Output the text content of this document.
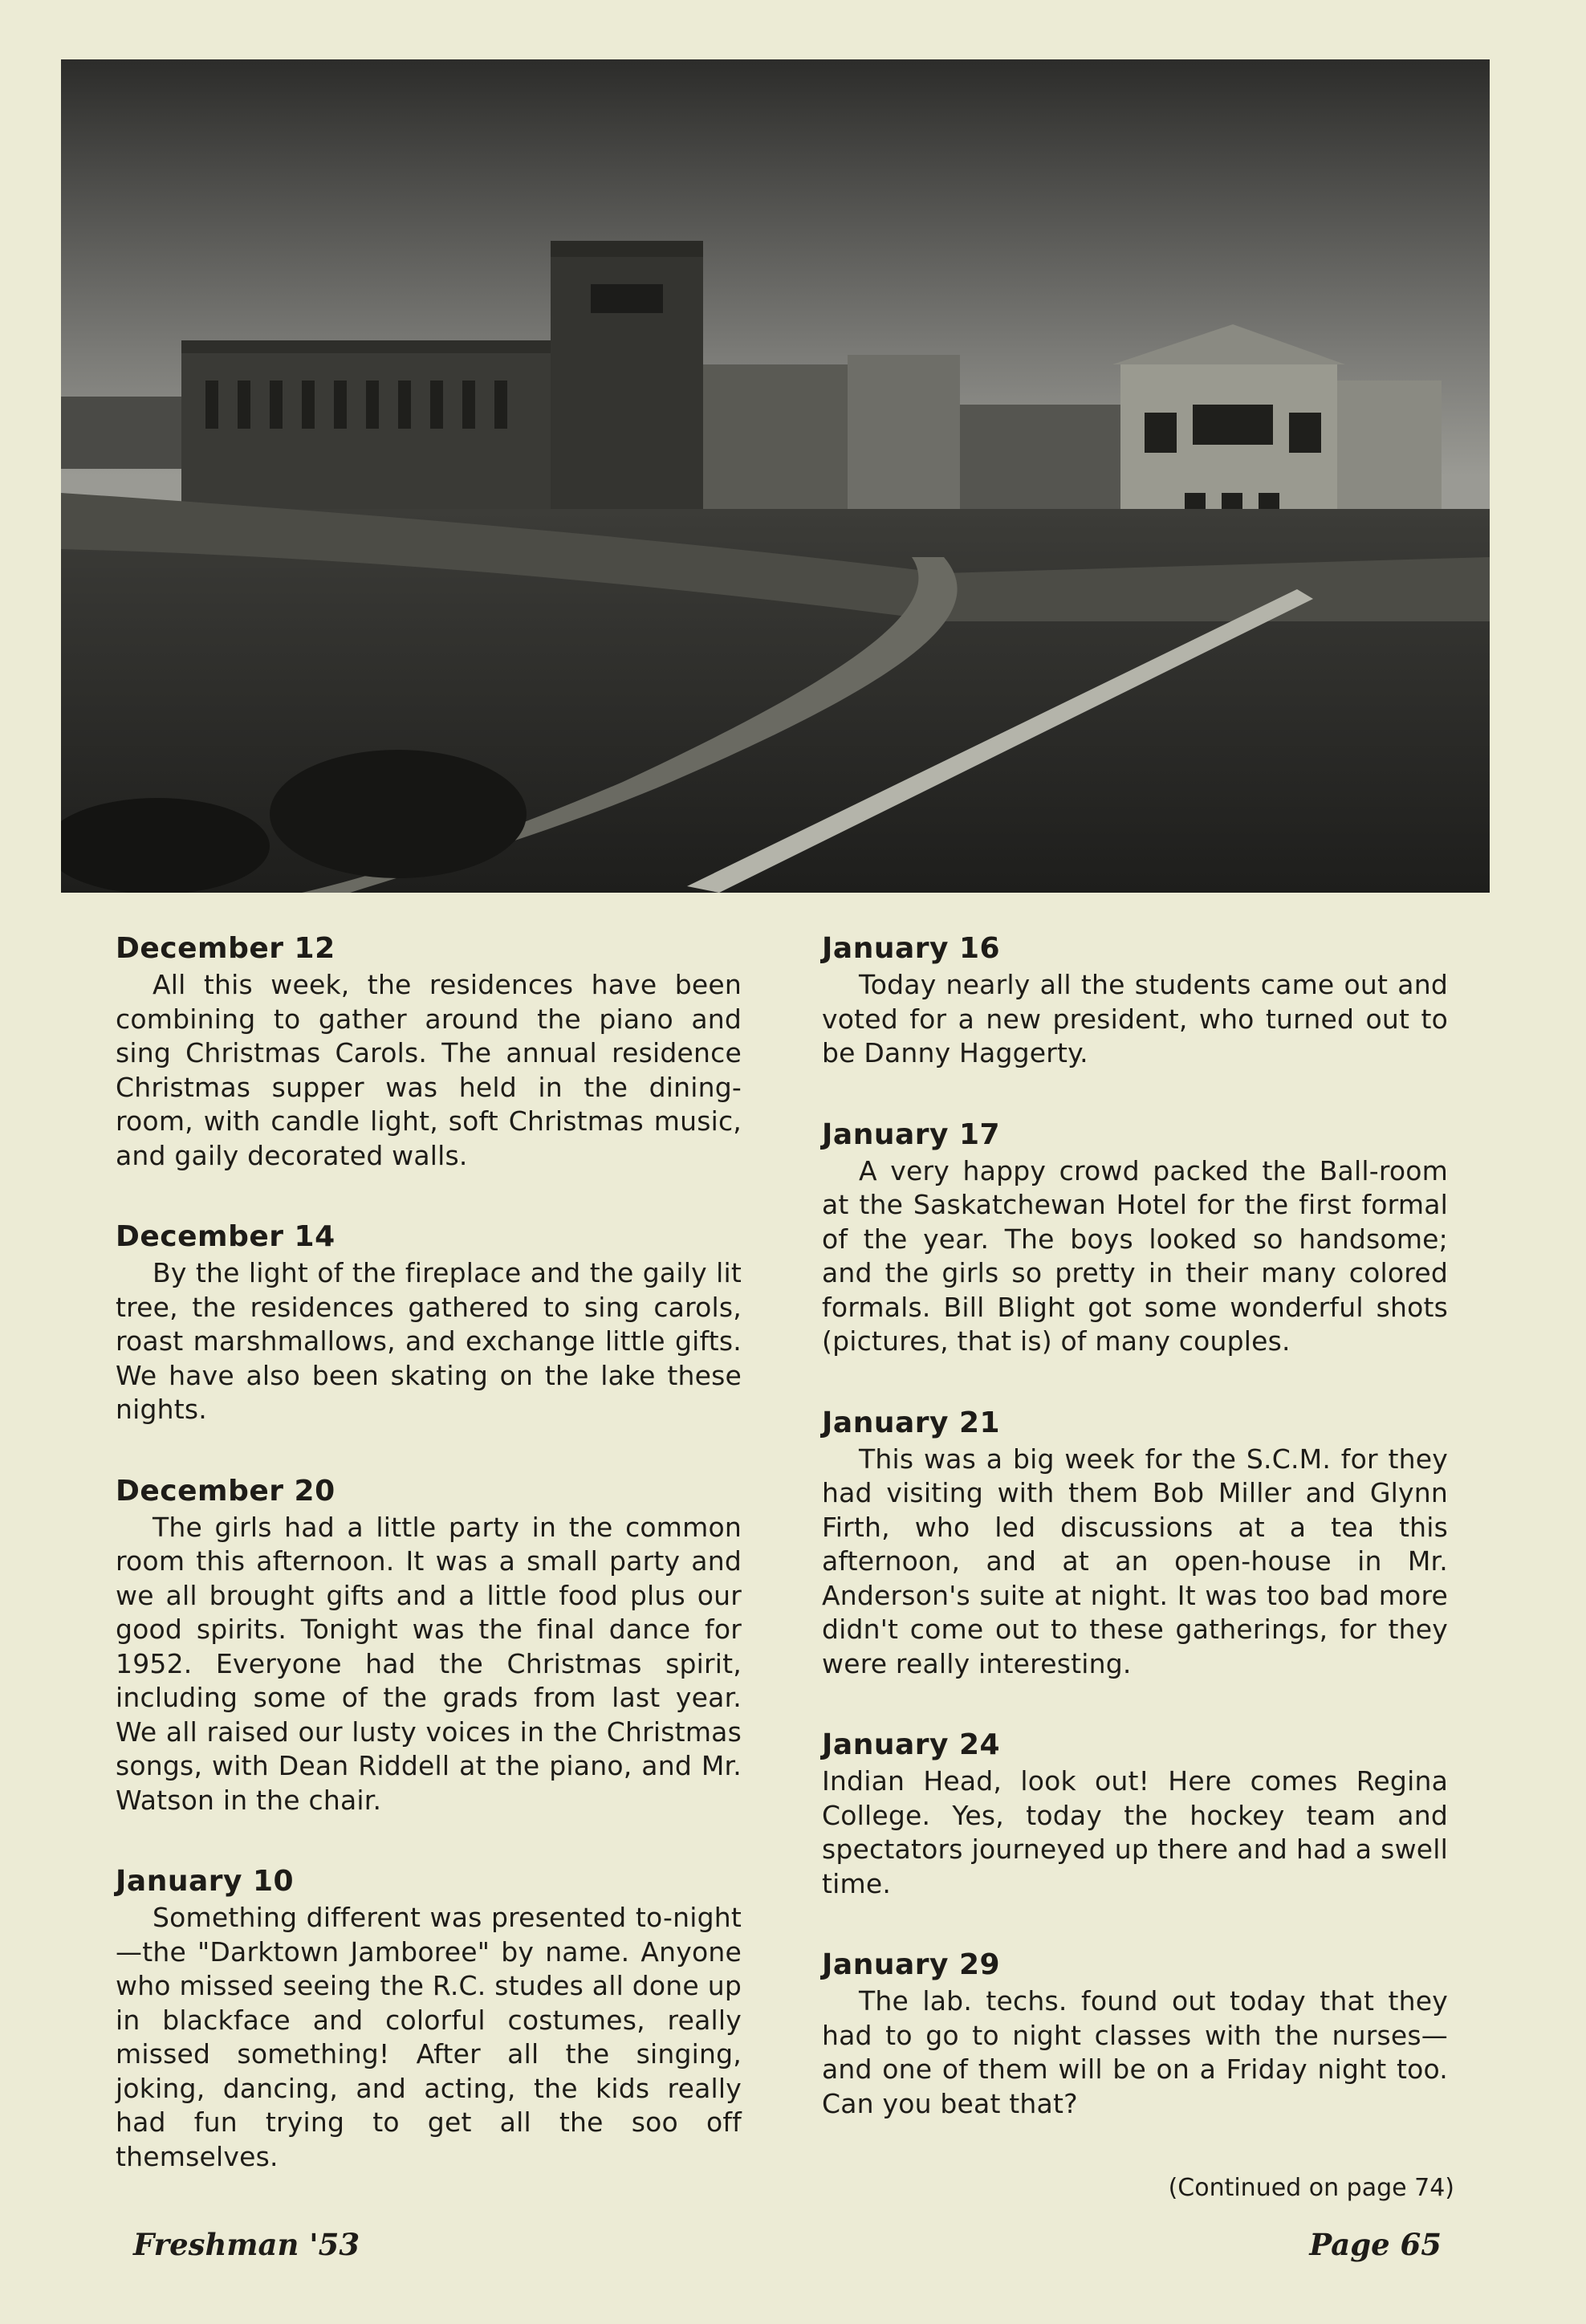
December 12

All this week, the residences have been combining to gather around the piano and sing Christmas Carols. The annual residence Christmas supper was held in the dining-room, with candle light, soft Christmas music, and gaily decorated walls.

December 14

By the light of the fireplace and the gaily lit tree, the residences gathered to sing carols, roast marshmallows, and exchange little gifts. We have also been skating on the lake these nights.

December 20

The girls had a little party in the common room this afternoon. It was a small party and we all brought gifts and a little food plus our good spirits. Tonight was the final dance for 1952. Everyone had the Christmas spirit, including some of the grads from last year. We all raised our lusty voices in the Christmas songs, with Dean Riddell at the piano, and Mr. Watson in the chair.

January 10

Something different was presented to-night—the "Darktown Jamboree" by name. Anyone who missed seeing the R.C. studes all done up in blackface and colorful costumes, really missed something! After all the singing, joking, dancing, and acting, the kids really had fun trying to get all the soo off themselves.

January 16

Today nearly all the students came out and voted for a new president, who turned out to be Danny Haggerty.

January 17

A very happy crowd packed the Ball-room at the Saskatchewan Hotel for the first formal of the year. The boys looked so handsome; and the girls so pretty in their many colored formals. Bill Blight got some wonderful shots (pictures, that is) of many couples.

January 21

This was a big week for the S.C.M. for they had visiting with them Bob Miller and Glynn Firth, who led discussions at a tea this afternoon, and at an open-house in Mr. Anderson's suite at night. It was too bad more didn't come out to these gatherings, for they were really interesting.

January 24

Indian Head, look out! Here comes Regina College. Yes, today the hockey team and spectators journeyed up there and had a swell time.

January 29

The lab. techs. found out today that they had to go to night classes with the nurses—and one of them will be on a Friday night too. Can you beat that?

(Continued on page 74)
Freshman '53	Page 65
